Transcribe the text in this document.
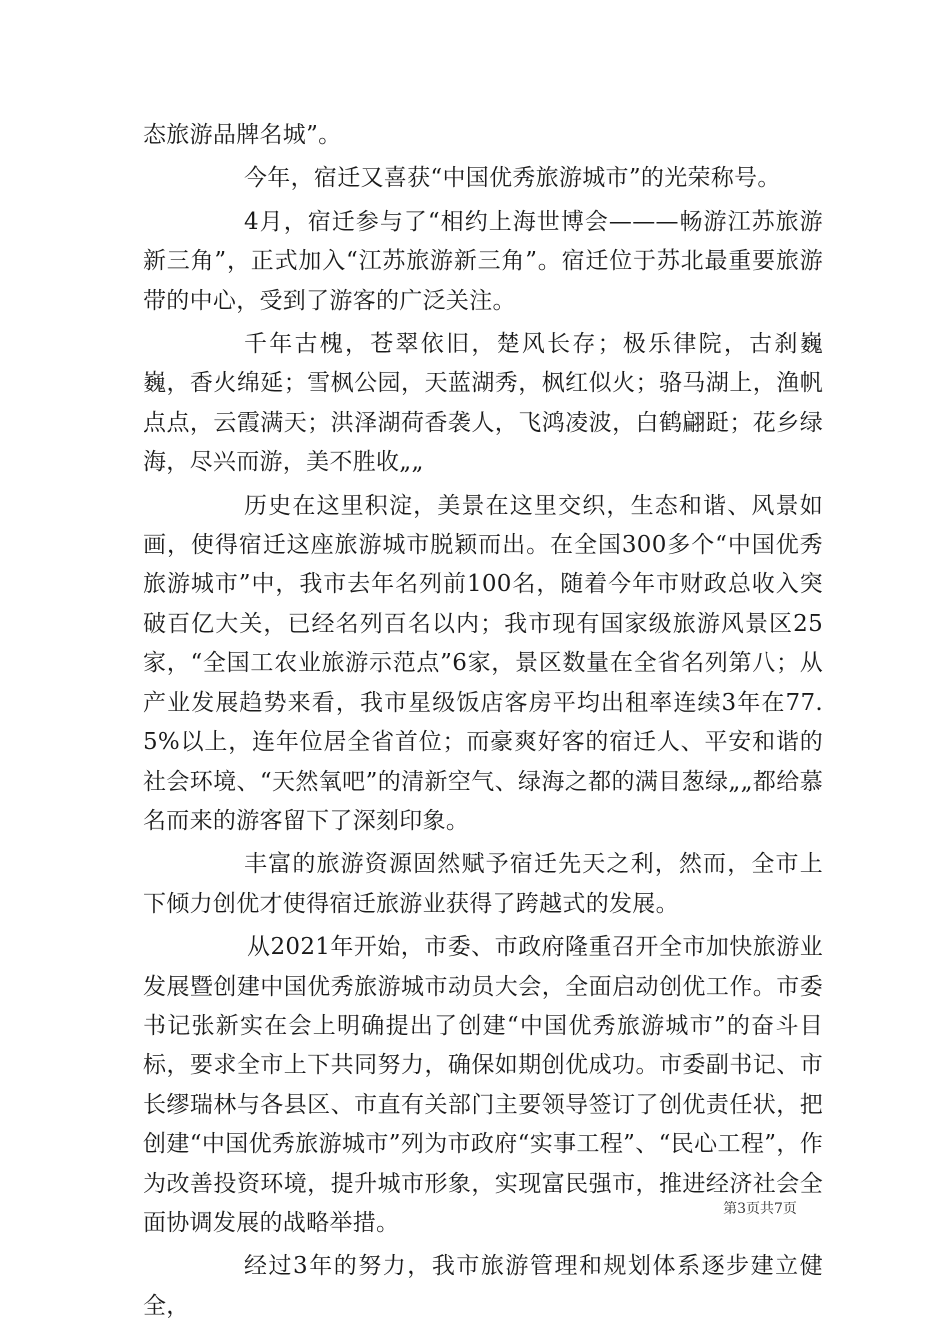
态旅游品牌名城”。

今年，宿迁又喜获“中国优秀旅游城市”的光荣称号。

4月，宿迁参与了“相约上海世博会———畅游江苏旅游新三角”，正式加入“江苏旅游新三角”。宿迁位于苏北最重要旅游带的中心，受到了游客的广泛关注。

千年古槐，苍翠依旧，楚风长存；极乐律院，古刹巍巍，香火绵延；雪枫公园，天蓝湖秀，枫红似火；骆马湖上，渔帆点点，云霞满天；洪泽湖荷香袭人，飞鸿凌波，白鹤翩跹；花乡绿海，尽兴而游，美不胜收„„

历史在这里积淀，美景在这里交织，生态和谐、风景如画，使得宿迁这座旅游城市脱颖而出。在全国300多个“中国优秀旅游城市”中，我市去年名列前100名，随着今年市财政总收入突破百亿大关，已经名列百名以内；我市现有国家级旅游风景区25家，“全国工农业旅游示范点”6家，景区数量在全省名列第八；从产业发展趋势来看，我市星级饭店客房平均出租率连续3年在77.5%以上，连年位居全省首位；而豪爽好客的宿迁人、平安和谐的社会环境、“天然氧吧”的清新空气、绿海之都的满目葱绿„„都给慕名而来的游客留下了深刻印象。

丰富的旅游资源固然赋予宿迁先天之利，然而，全市上下倾力创优才使得宿迁旅游业获得了跨越式的发展。

从2021年开始，市委、市政府隆重召开全市加快旅游业发展暨创建中国优秀旅游城市动员大会，全面启动创优工作。市委书记张新实在会上明确提出了创建“中国优秀旅游城市”的奋斗目标，要求全市上下共同努力，确保如期创优成功。市委副书记、市长缪瑞林与各县区、市直有关部门主要领导签订了创优责任状，把创建“中国优秀旅游城市”列为市政府“实事工程”、“民心工程”，作为改善投资环境，提升城市形象，实现富民强市，推进经济社会全面协调发展的战略举措。

经过3年的努力，我市旅游管理和规划体系逐步建立健全，

第3页共7页
